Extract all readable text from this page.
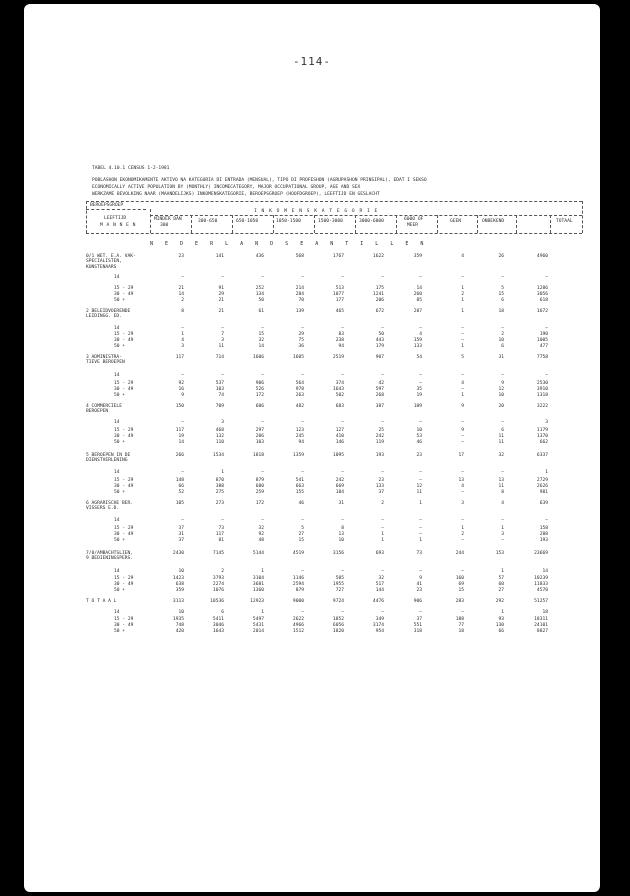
-114-
TABEL 4.10.1 CENSUS 1-2-1981
POBLASHON EKONOMIKAMENTE AKTIVO NA KATEGORIA DI ENTRADA (MENSUAL), TIPO DI PROFESHON (AGRUPASHON PRINSIPAL), EDAT I SEKSO
ECONOMICALLY ACTIVE POPULATION BY (MONTHLY) INCOMECATEGORY, MAJOR OCCUPATIONAL GROUP, AGE AND SEX
WERKZAME BEVOLKING NAAR (MAANDELIJKS) INKOMENSKATEGORIE, BEROEPSGROEP (HOOFDGROEP), LEEFTIJD EN GESLACHT
BEROEPSGROEP
I N K O M E N S K A T E G O R I E
LEEFTIJD
M A N N E N
MINDER DAN
300
300-650	650-1050	1050-1500	1500-3000	3000-6000	6000 OF
MEER
GEEN	ONBEKEND	TOTAAL
N E D E R L A N D S E A N T I L L E N
0/1 WET. E.A. VAK-
SPECIALISTEN,
KUNSTENAARS
23	141	436	568	1767	1622	359	4	26	4960
14	–	–	–	–	–	–	–	–	–	–
15 - 29	21	91	252	214	513	175	14	1	5	1286
30 - 49	14	29	134	284	1077	1241	260	2	15	3056
50 +	2	21	50	70	177	206	85	1	6	618
2 BELEIDVOERENDE
LEIDINGG. ED.
8	21	61	139	465	672	287	1	18	1672
14	–	–	–	–	–	–	–	–	–	–
15 - 29	1	7	15	29	83	50	4	–	2	190
30 - 49	4	3	32	75	238	443	159	–	10	1005
50 +	3	11	14	36	94	179	133	1	6	477
3 ADMINISTRA-
TIEVE BEROEPEN
117	714	1606	1605	2519	907	54	5	31	7758
14	–	–	–	–	–	–	–	–	–	–
15 - 29	92	537	906	564	374	42	–	4	9	2530
30 - 49	16	103	526	978	1643	597	35	–	12	3910
50 +	9	74	172	263	502	268	19	1	10	1318
4 COMMERCIELE
BEROEPEN
150	709	606	482	683	387	109	9	20	3222
14	–	3	–	–	–	–	–	–	–	3
15 - 29	117	468	297	123	127	25	10	9	6	1179
30 - 49	19	132	206	245	410	242	53	–	11	1370
50 +	14	110	103	94	146	119	46	–	11	662
5 BEROEPEN IN DE
DIENSTVERLENING
266	1534	1818	1359	1095	193	23	17	32	6337
14	–	1	–	–	–	–	–	–	–	1
15 - 29	148	870	879	541	242	23	–	13	13	2729
30 - 49	66	388	680	663	669	133	12	4	11	2626
50 +	52	275	259	155	184	37	11	–	8	981
6 AGRARISCHE BER.
VISSERS E.D.
105	273	172	46	31	2	1	3	4	639
14	–	–	–	–	–	–	–	–	–	–
15 - 29	37	73	32	5	8	–	–	1	1	158
30 - 49	31	117	92	27	13	1	–	2	3	288
50 +	37	81	48	15	10	1	1	–	–	193
7/8/AMBACHTSLIEN,
9 BEDIENINGSPERS.
2430	7145	5144	4519	3156	693	73	244	153	23669
14	10	2	1	–	–	–	–	–	1	14
15 - 29	1423	3793	3104	1146	505	32	9	160	57	10239
30 - 49	638	2274	3681	2594	1955	517	41	69	60	11833
50 +	359	1076	1360	879	727	144	23	15	27	4570
T O T A A L	3113	10536	12923	9000	9724	4476	906	283	292	51257
14	10	6	1	–	–	–	–	–	1	18
15 - 29	1935	5411	5497	2622	1852	349	37	188	93	18311
30 - 49	748	3046	5431	4966	6056	3174	551	77	130	24101
50 +	420	1643	2014	1512	1820	954	318	18	66	8827
